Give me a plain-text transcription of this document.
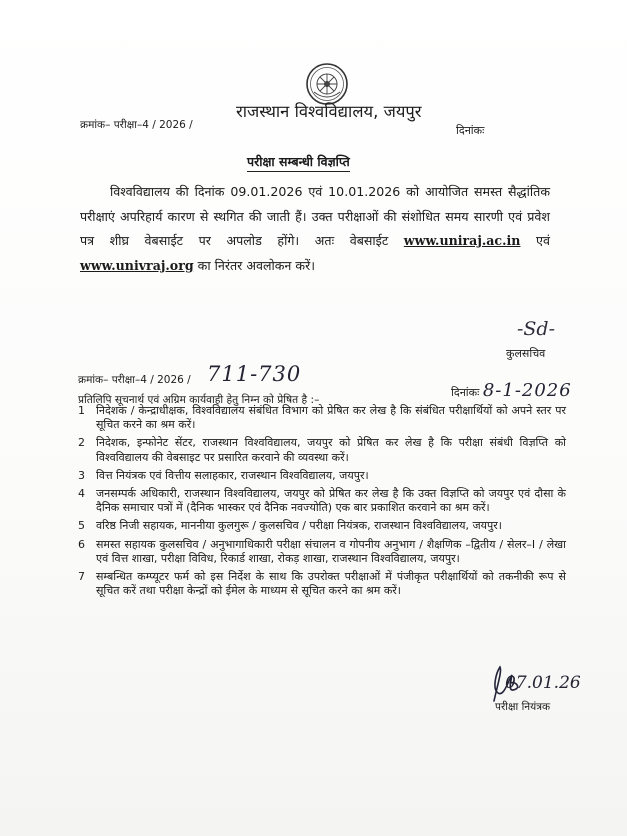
राजस्थान विश्वविद्यालय, जयपुर
क्रमांक– परीक्षा–4 / 2026 /	दिनांकः
परीक्षा सम्बन्धी विज्ञप्ति

विश्वविद्यालय की दिनांक 09.01.2026 एवं 10.01.2026 को आयोजित समस्त सैद्धांतिक परीक्षाएं अपरिहार्य कारण से स्थगित की जाती हैं। उक्त परीक्षाओं की संशोधित समय सारणी एवं प्रवेश पत्र शीघ्र वेबसाईट पर अपलोड होंगे। अतः वेबसाईट www.uniraj.ac.in एवं www.univraj.org का निरंतर अवलोकन करें।

-Sd-
कुलसचिव
क्रमांक– परीक्षा–4 / 2026 / 711-730
दिनांकः 8-1-2026
प्रतिलिपि सूचनार्थ एवं अग्रिम कार्यवाही हेतु निम्न को प्रेषित है :–
1 निदेशक / केन्द्राधीक्षक, विश्वविद्यालय संबंधित विभाग को प्रेषित कर लेख है कि संबंधित परीक्षार्थियों को अपने स्तर पर सूचित करने का श्रम करें।
2 निदेशक, इन्फोनेट सेंटर, राजस्थान विश्वविद्यालय, जयपुर को प्रेषित कर लेख है कि परीक्षा संबंधी विज्ञप्ति को विश्वविद्यालय की वेबसाइट पर प्रसारित करवाने की व्यवस्था करें।
3 वित्त नियंत्रक एवं वित्तीय सलाहकार, राजस्थान विश्वविद्यालय, जयपुर।
4 जनसम्पर्क अधिकारी, राजस्थान विश्वविद्यालय, जयपुर को प्रेषित कर लेख है कि उक्त विज्ञप्ति को जयपुर एवं दौसा के दैनिक समाचार पत्रों में (दैनिक भास्कर एवं दैनिक नवज्योति) एक बार प्रकाशित करवाने का श्रम करें।
5 वरिष्ठ निजी सहायक, माननीया कुलगुरू / कुलसचिव / परीक्षा नियंत्रक, राजस्थान विश्वविद्यालय, जयपुर।
6 समस्त सहायक कुलसचिव / अनुभागाधिकारी परीक्षा संचालन व गोपनीय अनुभाग / शैक्षणिक –द्वितीय / सेलर–I / लेखा एवं वित्त शाखा, परीक्षा विविध, रिकार्ड शाखा, रोकड़ शाखा, राजस्थान विश्वविद्यालय, जयपुर।
7 सम्बन्धित कम्प्यूटर फर्म को इस निर्देश के साथ कि उपरोक्त परीक्षाओं में पंजीकृत परीक्षार्थियों को तकनीकी रूप से सूचित करें तथा परीक्षा केन्द्रों को ईमेल के माध्यम से सूचित करने का श्रम करें।
07.01.26
परीक्षा नियंत्रक
